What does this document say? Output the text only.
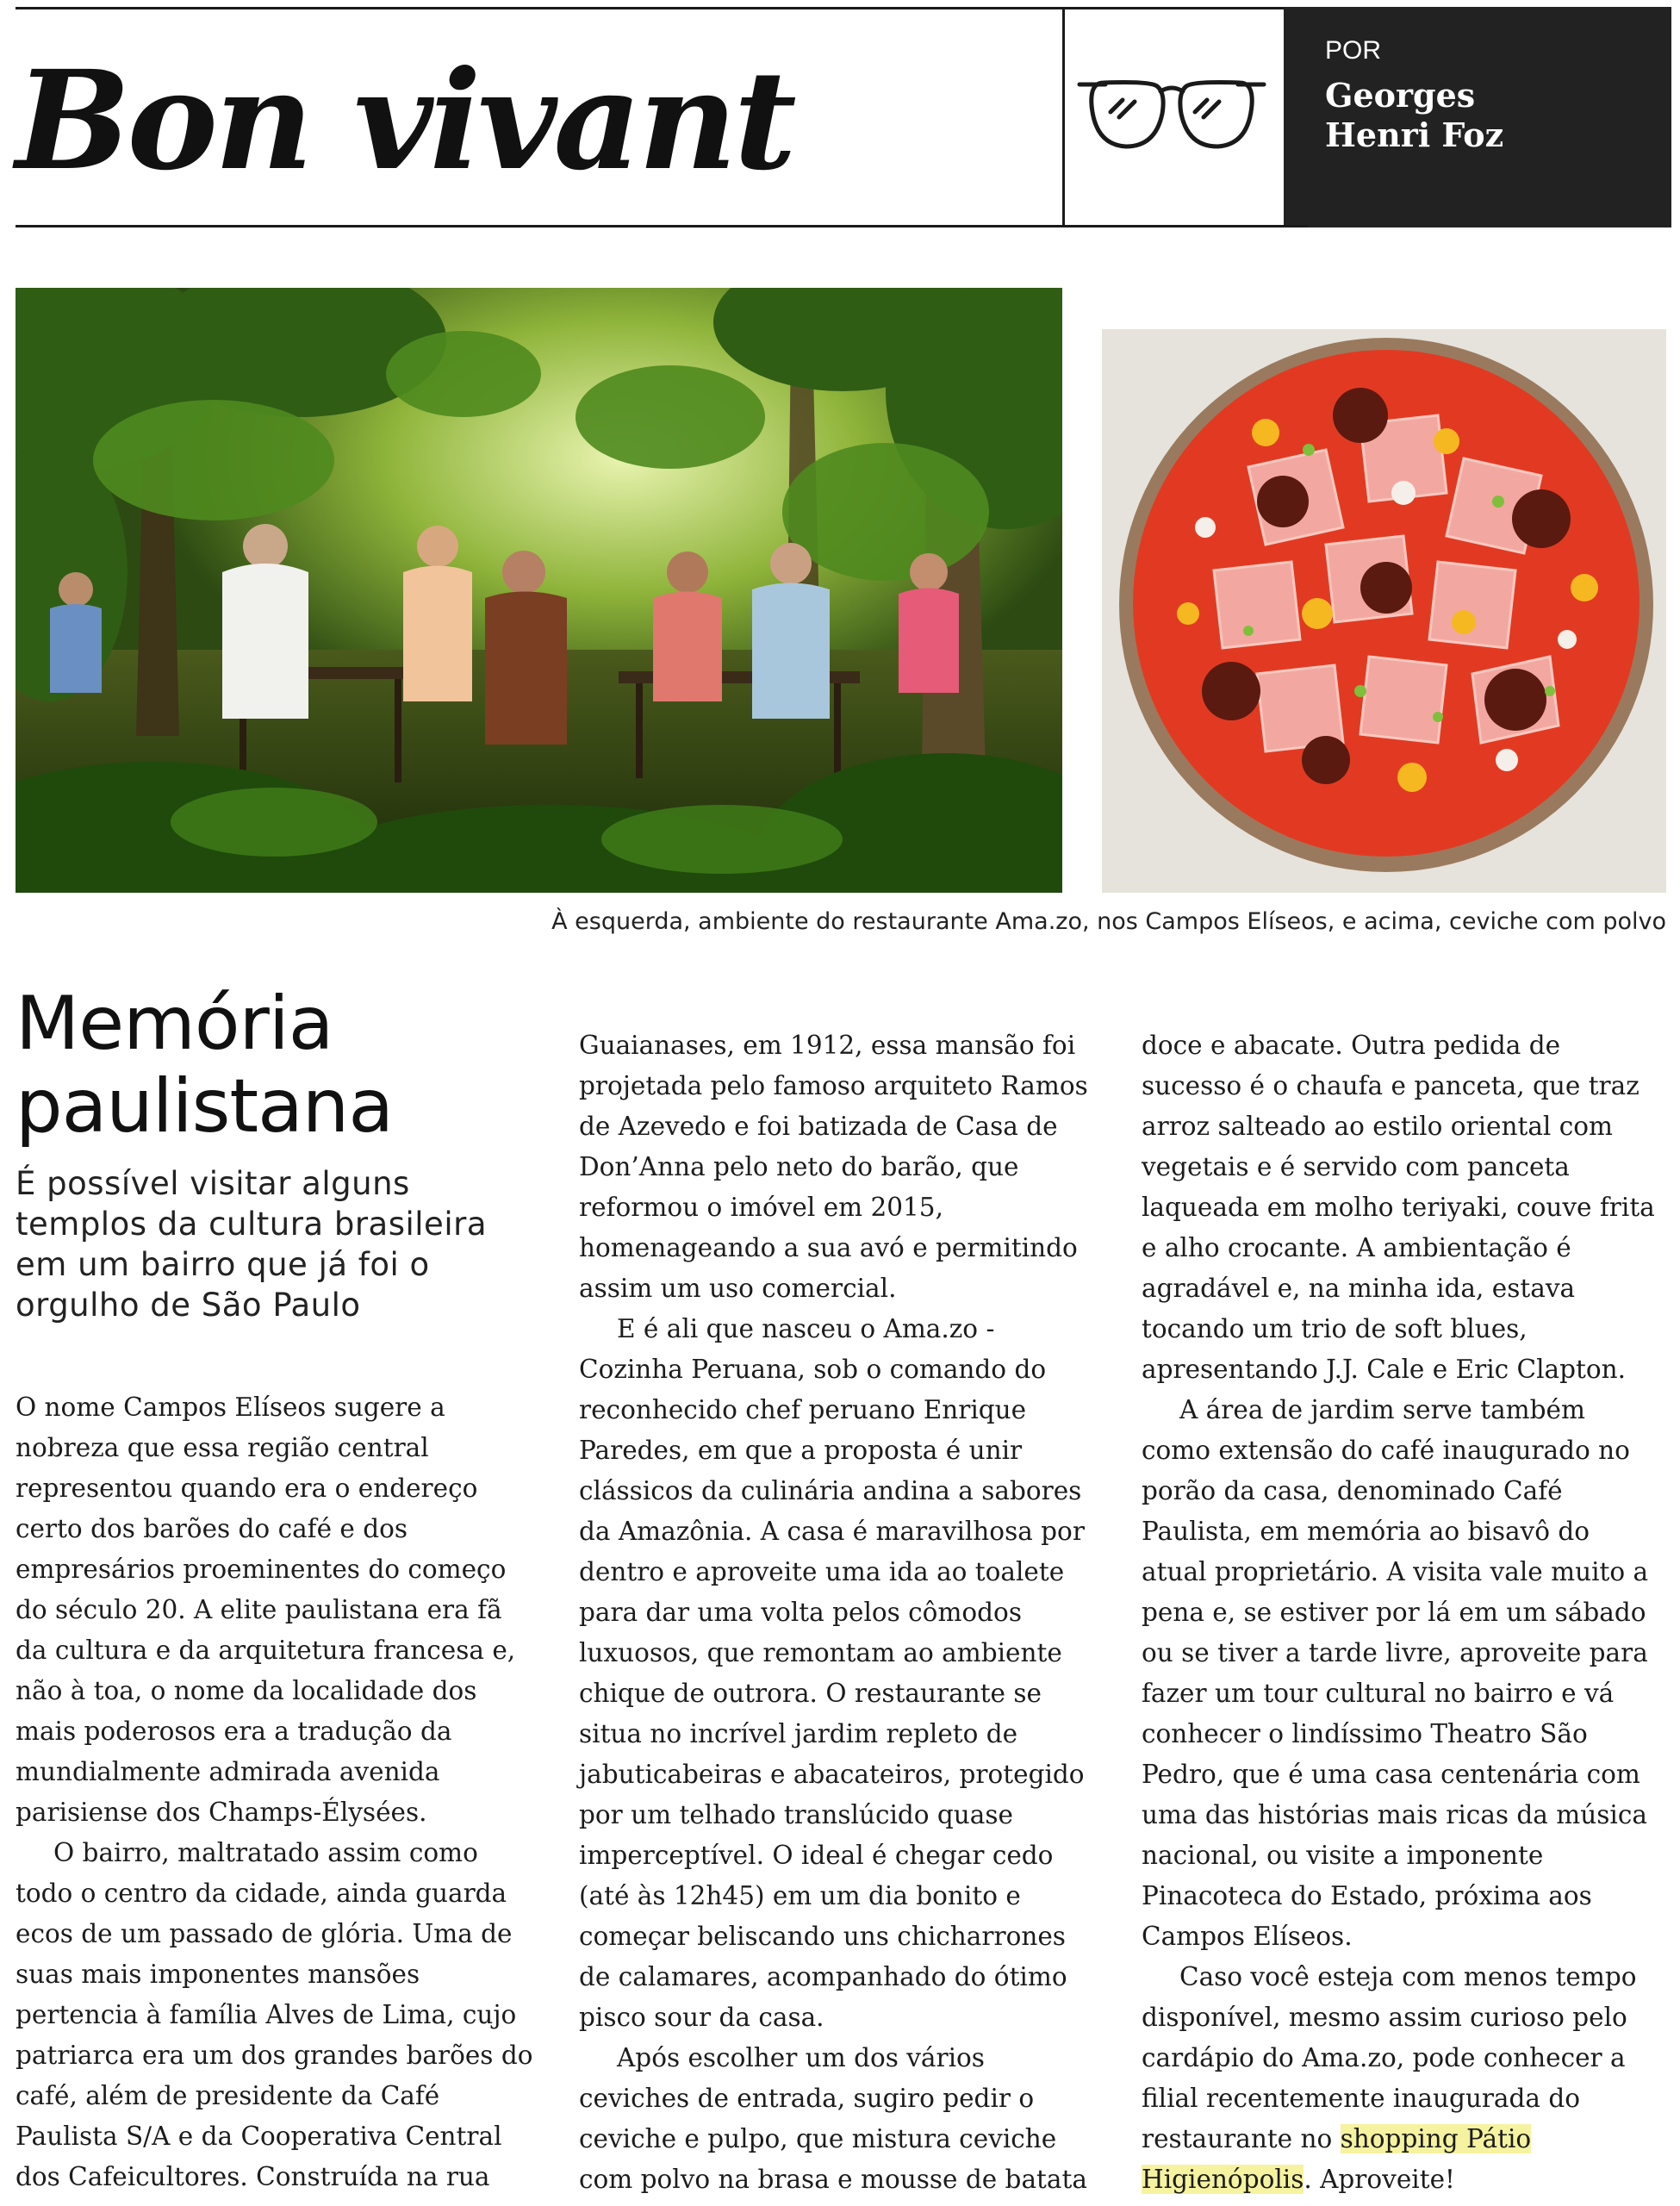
Bon vivant	POR
Georges
Henri Foz
À esquerda, ambiente do restaurante Ama.zo, nos Campos Elíseos, e acima, ceviche com polvo
Memória
paulistana
É possível visitar alguns
templos da cultura brasileira
em um bairro que já foi o
orgulho de São Paulo
O nome Campos Elíseos sugere a
nobreza que essa região central
representou quando era o endereço
certo dos barões do café e dos
empresários proeminentes do começo
do século 20. A elite paulistana era fã
da cultura e da arquitetura francesa e,
não à toa, o nome da localidade dos
mais poderosos era a tradução da
mundialmente admirada avenida
parisiense dos Champs-Élysées.
O bairro, maltratado assim como
todo o centro da cidade, ainda guarda
ecos de um passado de glória. Uma de
suas mais imponentes mansões
pertencia à família Alves de Lima, cujo
patriarca era um dos grandes barões do
café, além de presidente da Café
Paulista S/A e da Cooperativa Central
dos Cafeicultores. Construída na rua
Guaianases, em 1912, essa mansão foi
projetada pelo famoso arquiteto Ramos
de Azevedo e foi batizada de Casa de
Don’Anna pelo neto do barão, que
reformou o imóvel em 2015,
homenageando a sua avó e permitindo
assim um uso comercial.
E é ali que nasceu o Ama.zo -
Cozinha Peruana, sob o comando do
reconhecido chef peruano Enrique
Paredes, em que a proposta é unir
clássicos da culinária andina a sabores
da Amazônia. A casa é maravilhosa por
dentro e aproveite uma ida ao toalete
para dar uma volta pelos cômodos
luxuosos, que remontam ao ambiente
chique de outrora. O restaurante se
situa no incrível jardim repleto de
jabuticabeiras e abacateiros, protegido
por um telhado translúcido quase
imperceptível. O ideal é chegar cedo
(até às 12h45) em um dia bonito e
começar beliscando uns chicharrones
de calamares, acompanhado do ótimo
pisco sour da casa.
Após escolher um dos vários
ceviches de entrada, sugiro pedir o
ceviche e pulpo, que mistura ceviche
com polvo na brasa e mousse de batata
doce e abacate. Outra pedida de
sucesso é o chaufa e panceta, que traz
arroz salteado ao estilo oriental com
vegetais e é servido com panceta
laqueada em molho teriyaki, couve frita
e alho crocante. A ambientação é
agradável e, na minha ida, estava
tocando um trio de soft blues,
apresentando J.J. Cale e Eric Clapton.
A área de jardim serve também
como extensão do café inaugurado no
porão da casa, denominado Café
Paulista, em memória ao bisavô do
atual proprietário. A visita vale muito a
pena e, se estiver por lá em um sábado
ou se tiver a tarde livre, aproveite para
fazer um tour cultural no bairro e vá
conhecer o lindíssimo Theatro São
Pedro, que é uma casa centenária com
uma das histórias mais ricas da música
nacional, ou visite a imponente
Pinacoteca do Estado, próxima aos
Campos Elíseos.
Caso você esteja com menos tempo
disponível, mesmo assim curioso pelo
cardápio do Ama.zo, pode conhecer a
filial recentemente inaugurada do
restaurante no shopping Pátio
Higienópolis. Aproveite!
